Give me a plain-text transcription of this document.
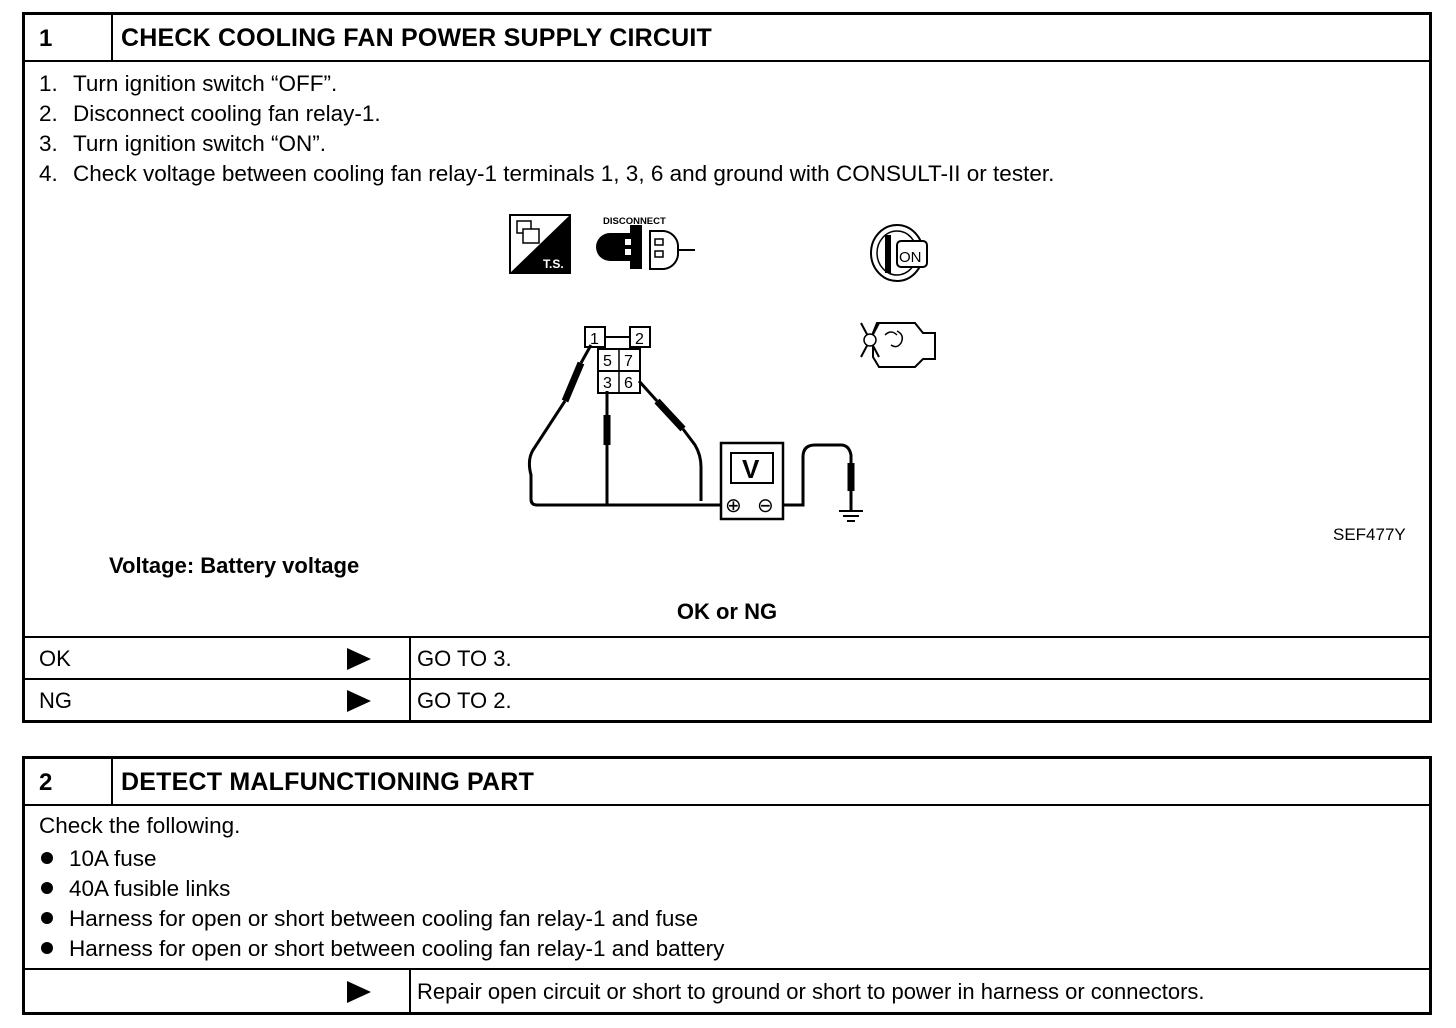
1	CHECK COOLING FAN POWER SUPPLY CIRCUIT
1. Turn ignition switch “OFF”.
2. Disconnect cooling fan relay-1.
3. Turn ignition switch “ON”.
4. Check voltage between cooling fan relay-1 terminals 1, 3, 6 and ground with CONSULT-II or tester.
T.S.
DISCONNECT
ON
1 2
5 7
3 6
V
⊕ ⊖
SEF477Y
Voltage: Battery voltage
OK or NG
OK	GO TO 3.
NG	GO TO 2.
2	DETECT MALFUNCTIONING PART
Check the following.
10A fuse
40A fusible links
Harness for open or short between cooling fan relay-1 and fuse
Harness for open or short between cooling fan relay-1 and battery
Repair open circuit or short to ground or short to power in harness or connectors.
